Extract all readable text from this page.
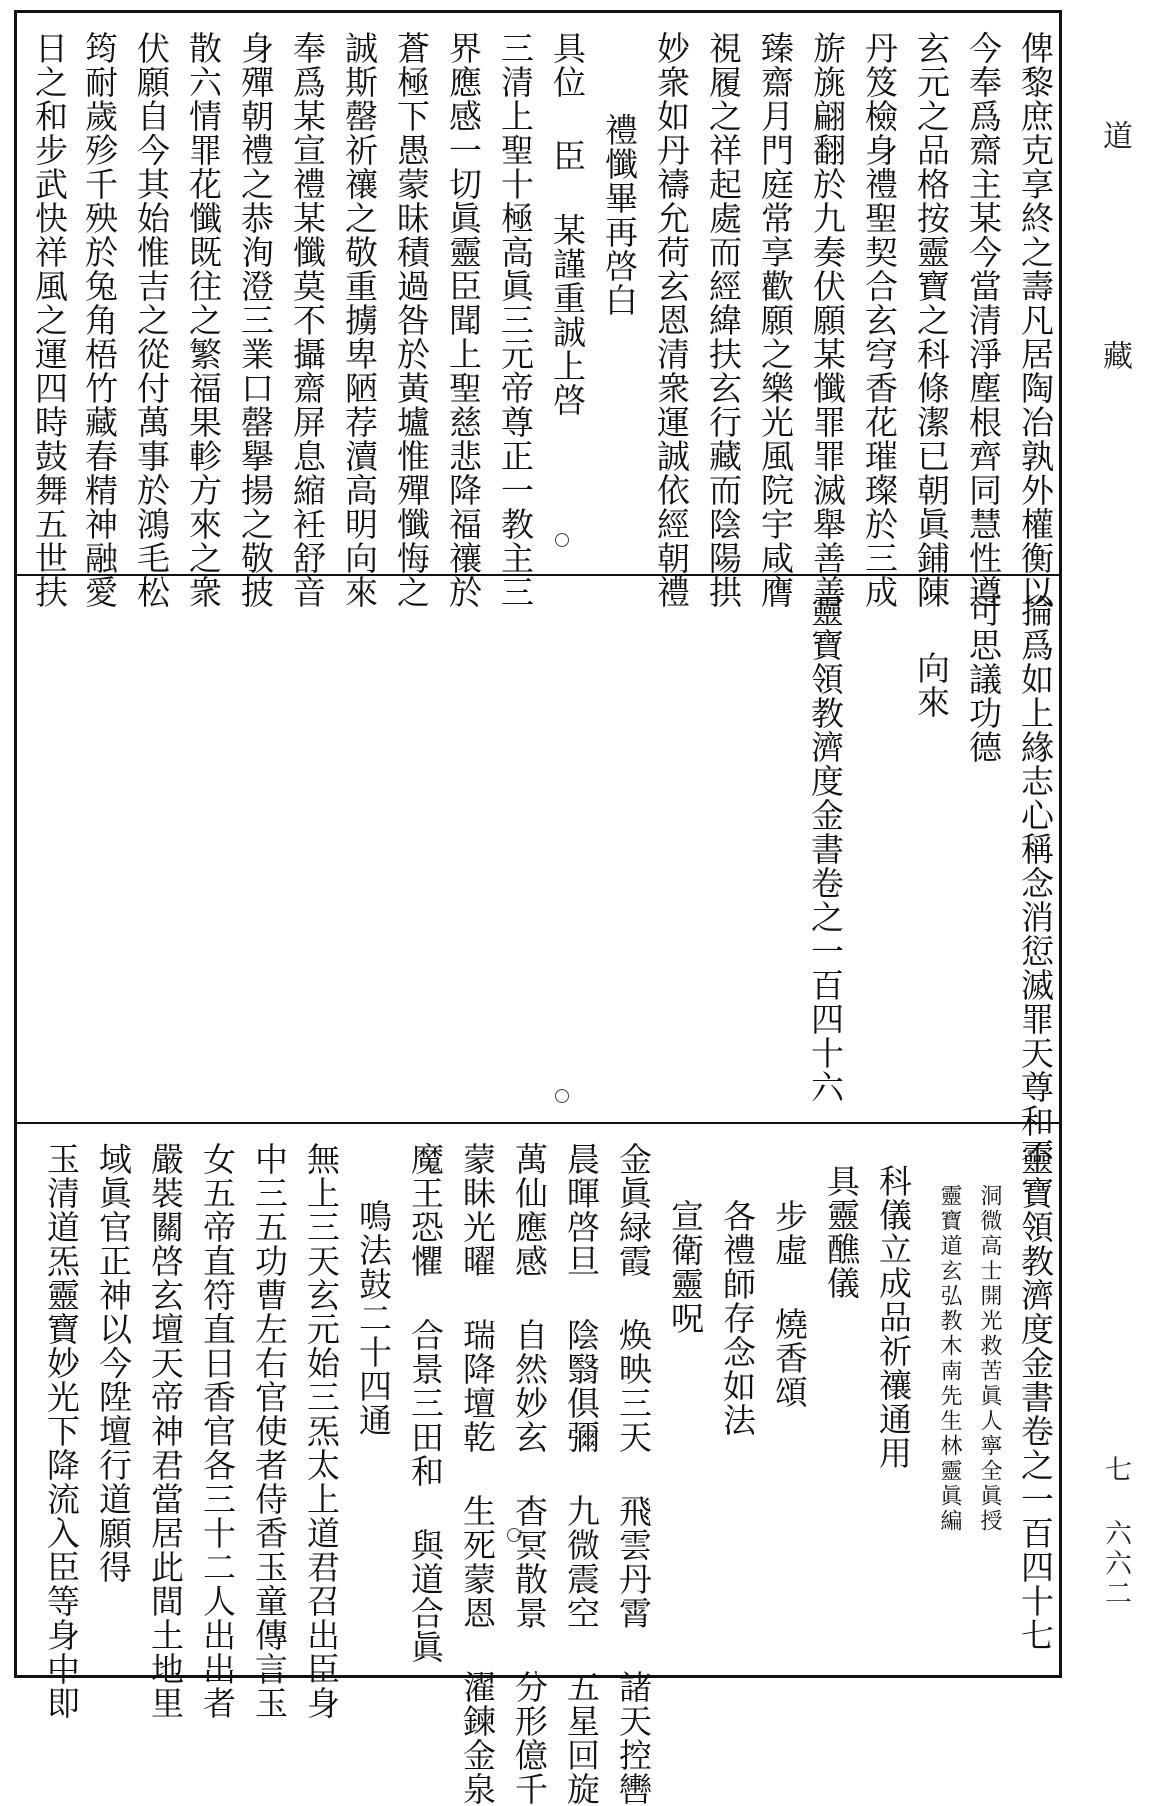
道
藏
七 六六二
俾黎庶克享終之壽凡居陶冶孰外權衡以
今奉爲齋主某今當清淨塵根齊同慧性遵
玄元之品格按靈寶之科條潔已朝眞鋪陳
丹笈檢身禮聖契合玄穹香花璀璨於三成
旂旐翩翻於九奏伏願某懺罪罪滅舉善善
臻齋月門庭常享歡願之樂光風院宇咸膺
視履之祥起處而經緯扶玄行藏而陰陽拱
妙衆如丹禱允荷玄恩清衆運誠依經朝禮
禮懺畢再啓白
具位 臣 某謹重誠上啓
三清上聖十極高眞三元帝尊正一教主三
界應感一切眞靈臣聞上聖慈悲降福禳於
蒼極下愚蒙昧積過咎於黃壚惟殫懺悔之
誠斯罄祈禳之敬重擄卑陋荐瀆高明向來
奉爲某宣禮某懺莫不攝齋屏息縮衽舒音
身殫朝禮之恭洵澄三業口罄擧揚之敬披
散六情罪花懺既往之繁福果軫方來之衆
伏願自今其始惟吉之從付萬事於鴻毛松
筠耐歲殄千殃於兔角梧竹藏春精神融愛
日之和步武快祥風之運四時鼓舞五世扶
掄爲如上緣志心稱念消愆滅罪天尊和不
可思議功德
向來
靈寶領教濟度金書卷之一百四十六
靈寶領教濟度金書卷之一百四十七
洞微高士開光救苦眞人寧全眞授
靈寶道玄弘教木南先生林靈眞編
科儀立成品祈禳通用
具靈醮儀
步虛 燒香頌
各禮師存念如法
宣衛靈呪
金眞緑霞 焕映三天 飛雲丹霄 諸天控轡
晨暉啓旦 陰翳俱彌 九微震空 五星回旋
萬仙應感 自然妙玄 杳冥散景 分形億千
蒙眛光曜 瑞降壇乾 生死蒙恩 濯鍊金泉
魔王恐懼 合景三田和 與道合眞
鳴法鼓二十四通
無上三天玄元始三炁太上道君召出臣身
中三五功曹左右官使者侍香玉童傳言玉
女五帝直符直日香官各三十二人出出者
嚴裝關啓玄壇天帝神君當居此間土地里
域眞官正神以今陞壇行道願得
玉清道炁靈寶妙光下降流入臣等身中即
